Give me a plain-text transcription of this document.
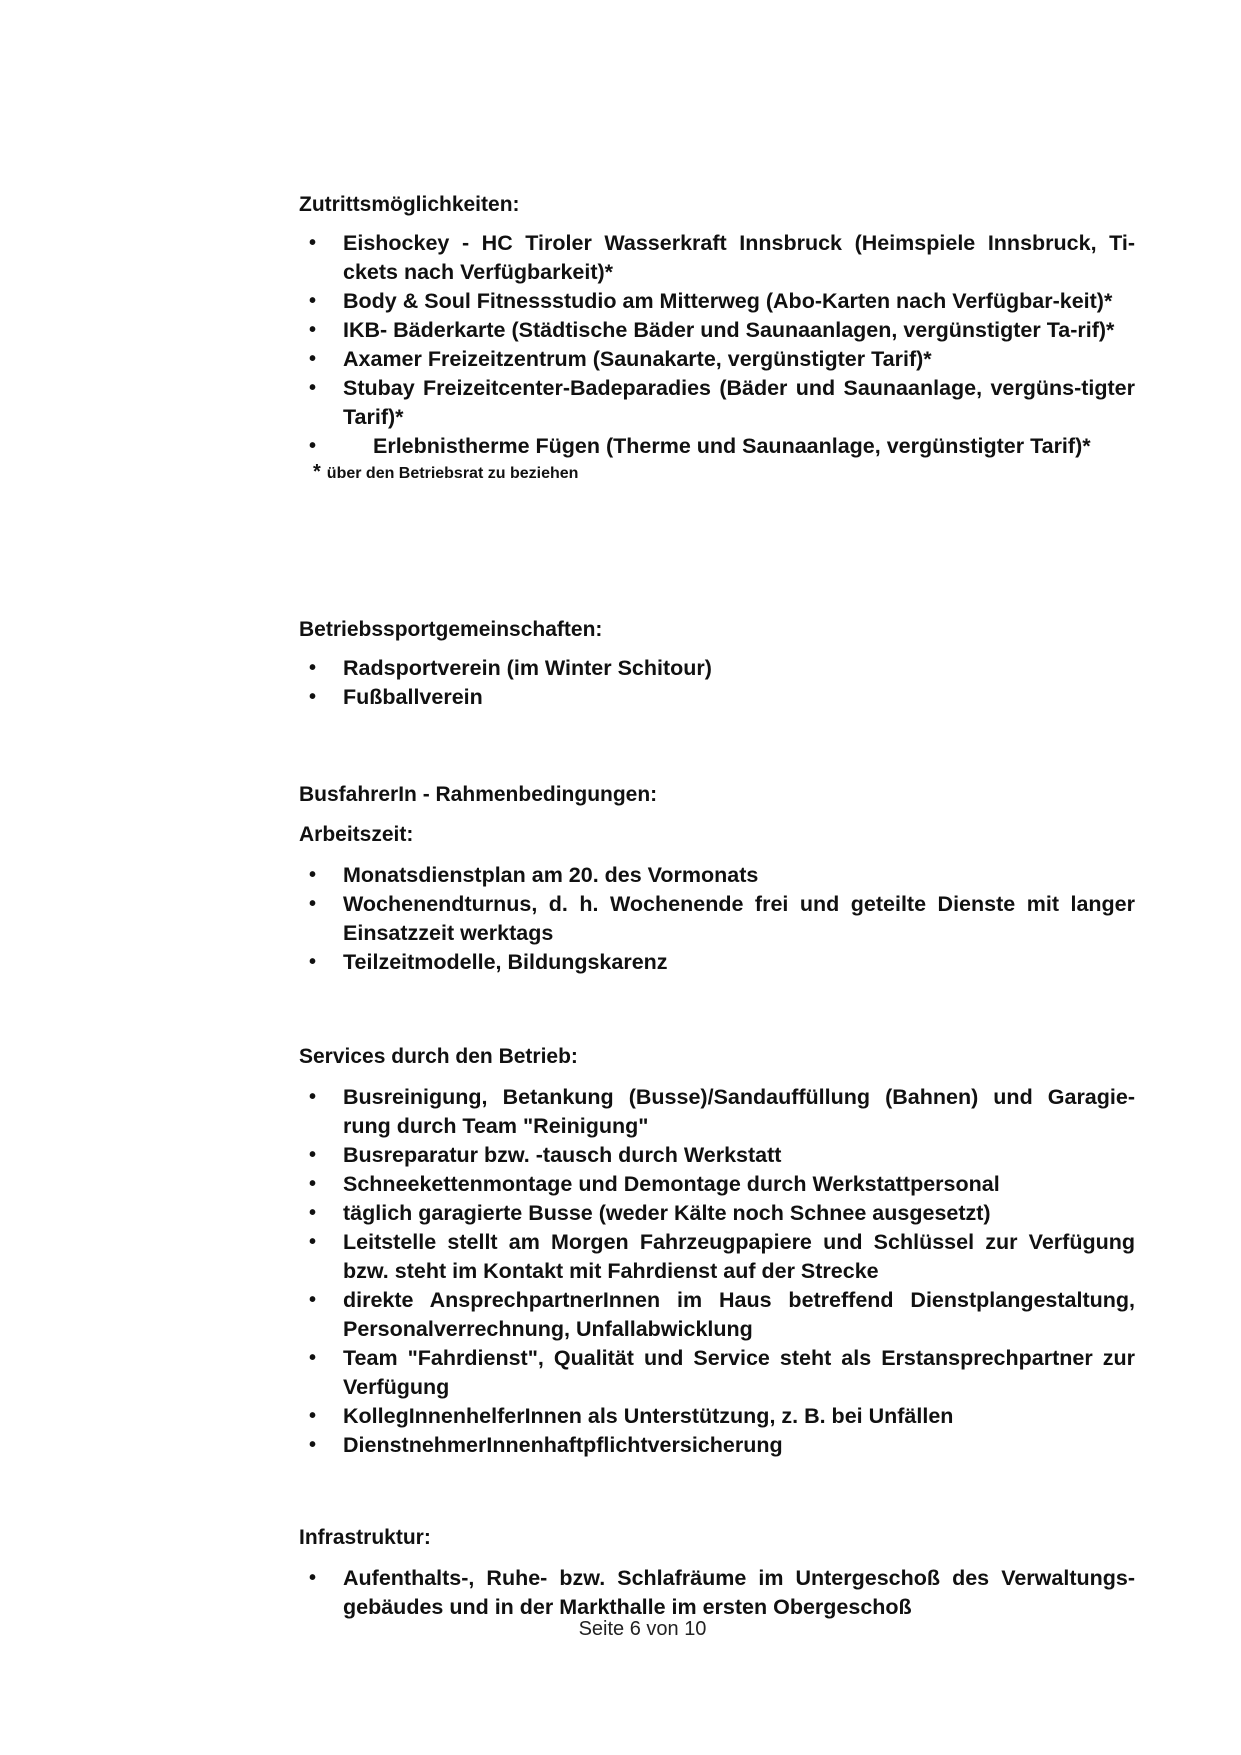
Zutrittsmöglichkeiten:

• Eishockey - HC Tiroler Wasserkraft Innsbruck (Heimspiele Innsbruck, Ti-ckets nach Verfügbarkeit)*
• Body & Soul Fitnessstudio am Mitterweg (Abo-Karten nach Verfügbar-keit)*
• IKB- Bäderkarte (Städtische Bäder und Saunaanlagen, vergünstigter Ta-rif)*
• Axamer Freizeitzentrum (Saunakarte, vergünstigter Tarif)*
• Stubay Freizeitcenter-Badeparadies (Bäder und Saunaanlage, vergüns-tigter Tarif)*
•	Erlebnistherme Fügen (Therme und Saunaanlage, vergünstigter Tarif)*
* über den Betriebsrat zu beziehen

Betriebssportgemeinschaften:

• Radsportverein (im Winter Schitour)
• Fußballverein

BusfahrerIn - Rahmenbedingungen:

Arbeitszeit:

• Monatsdienstplan am 20. des Vormonats
• Wochenendturnus, d. h. Wochenende frei und geteilte Dienste mit langer Einsatzzeit werktags
• Teilzeitmodelle, Bildungskarenz

Services durch den Betrieb:

• Busreinigung, Betankung (Busse)/Sandauffüllung (Bahnen) und Garagie-rung durch Team "Reinigung"
• Busreparatur bzw. -tausch durch Werkstatt
• Schneekettenmontage und Demontage durch Werkstattpersonal
• täglich garagierte Busse (weder Kälte noch Schnee ausgesetzt)
• Leitstelle stellt am Morgen Fahrzeugpapiere und Schlüssel zur Verfügung bzw. steht im Kontakt mit Fahrdienst auf der Strecke
• direkte AnsprechpartnerInnen im Haus betreffend Dienstplangestaltung, Personalverrechnung, Unfallabwicklung
• Team "Fahrdienst", Qualität und Service steht als Erstansprechpartner zur Verfügung
• KollegInnenhelferInnen als Unterstützung, z. B. bei Unfällen
• DienstnehmerInnenhaftpflichtversicherung

Infrastruktur:

• Aufenthalts-, Ruhe- bzw. Schlafräume im Untergeschoß des Verwaltungs-gebäudes und in der Markthalle im ersten Obergeschoß
Seite 6 von 10
